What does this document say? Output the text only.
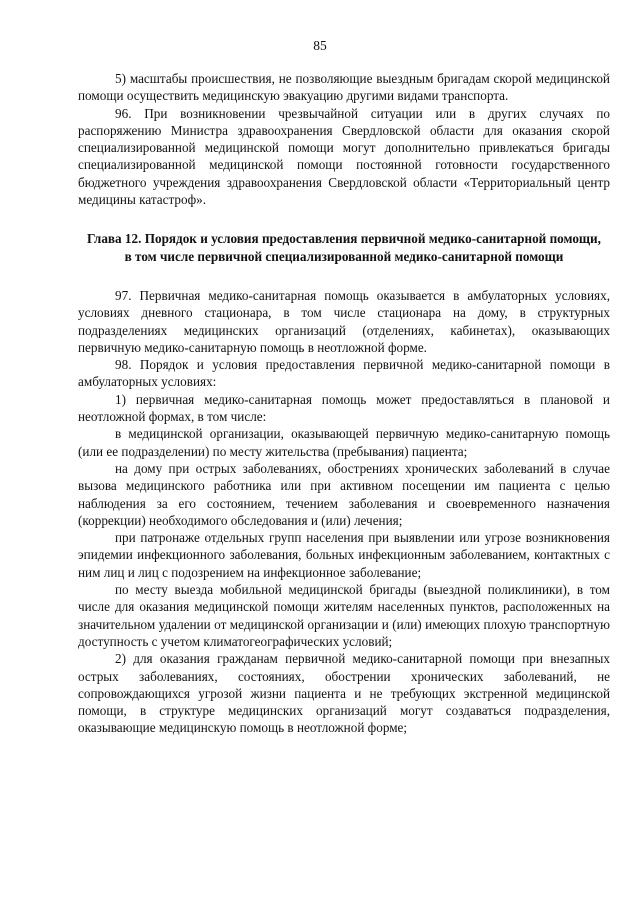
85

5) масштабы происшествия, не позволяющие выездным бригадам скорой медицинской помощи осуществить медицинскую эвакуацию другими видами транспорта.

96. При возникновении чрезвычайной ситуации или в других случаях по распоряжению Министра здравоохранения Свердловской области для оказания скорой специализированной медицинской помощи могут дополнительно привлекаться бригады специализированной медицинской помощи постоянной готовности государственного бюджетного учреждения здравоохранения Свердловской области «Территориальный центр медицины катастроф».

Глава 12. Порядок и условия предоставления первичной медико-санитарной помощи, в том числе первичной специализированной медико-санитарной помощи

97. Первичная медико-санитарная помощь оказывается в амбулаторных условиях, условиях дневного стационара, в том числе стационара на дому, в структурных подразделениях медицинских организаций (отделениях, кабинетах), оказывающих первичную медико-санитарную помощь в неотложной форме.

98. Порядок и условия предоставления первичной медико-санитарной помощи в амбулаторных условиях:

1) первичная медико-санитарная помощь может предоставляться в плановой и неотложной формах, в том числе:

в медицинской организации, оказывающей первичную медико-санитарную помощь (или ее подразделении) по месту жительства (пребывания) пациента;

на дому при острых заболеваниях, обострениях хронических заболеваний в случае вызова медицинского работника или при активном посещении им пациента с целью наблюдения за его состоянием, течением заболевания и своевременного назначения (коррекции) необходимого обследования и (или) лечения;

при патронаже отдельных групп населения при выявлении или угрозе возникновения эпидемии инфекционного заболевания, больных инфекционным заболеванием, контактных с ним лиц и лиц с подозрением на инфекционное заболевание;

по месту выезда мобильной медицинской бригады (выездной поликлиники), в том числе для оказания медицинской помощи жителям населенных пунктов, расположенных на значительном удалении от медицинской организации и (или) имеющих плохую транспортную доступность с учетом климатогеографических условий;

2) для оказания гражданам первичной медико-санитарной помощи при внезапных острых заболеваниях, состояниях, обострении хронических заболеваний, не сопровождающихся угрозой жизни пациента и не требующих экстренной медицинской помощи, в структуре медицинских организаций могут создаваться подразделения, оказывающие медицинскую помощь в неотложной форме;
